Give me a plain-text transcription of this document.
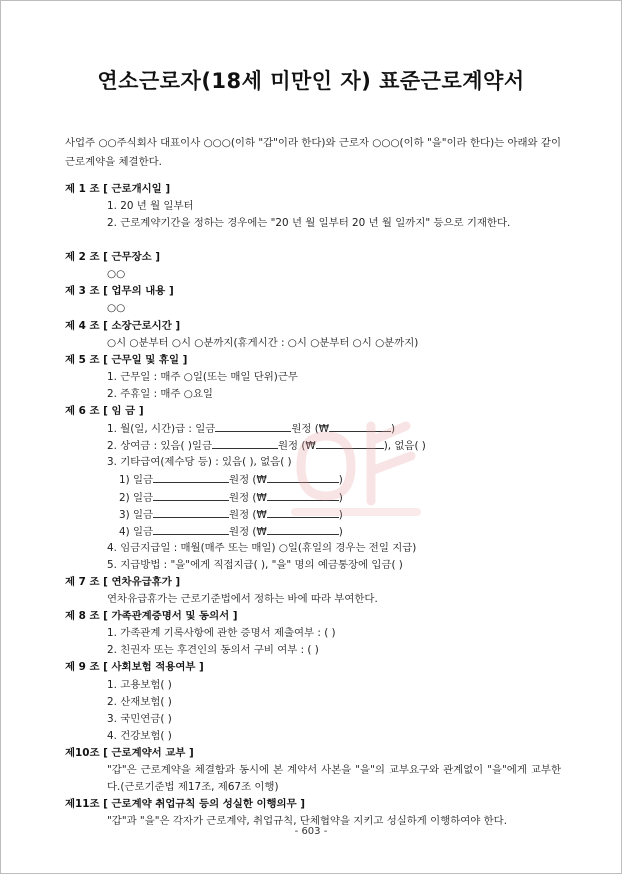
연소근로자(18세 미만인 자) 표준근로계약서
사업주 ○○주식회사 대표이사 ○○○(이하 "갑"이라 한다)와 근로자 ○○○(이하 "을"이라 한다)는 아래와 같이 근로계약을 체결한다.
제 1 조 [ 근로개시일 ]
1. 20 년 월 일부터
2. 근로계약기간을 정하는 경우에는 "20 년 월 일부터 20 년 월 일까지" 등으로 기재한다.
제 2 조 [ 근무장소 ]
○○
제 3 조 [ 업무의 내용 ]
○○
제 4 조 [ 소장근로시간 ]
○시 ○분부터 ○시 ○분까지(휴게시간 : ○시 ○분부터 ○시 ○분까지)
제 5 조 [ 근무일 및 휴일 ]
1. 근무일 : 매주 ○일(또는 매일 단위)근무
2. 주휴일 : 매주 ○요일
제 6 조 [ 임 금 ]
1. 월(일, 시간)급 : 일금	원정 (₩	)
2. 상여금 : 있음( )일금	원정 (₩	), 없음( )
3. 기타급여(제수당 등) : 있음( ), 없음( )
1) 일금	원정 (₩	)
2) 일금	원정 (₩	)
3) 일금	원정 (₩	)
4) 일금	원정 (₩	)
4. 임금지급일 : 매월(매주 또는 매일) ○일(휴일의 경우는 전일 지급)
5. 지급방법 : "을"에게 직접지급( ), "을" 명의 예금통장에 입금( )
제 7 조 [ 연차유급휴가 ]
연차유급휴가는 근로기준법에서 정하는 바에 따라 부여한다.
제 8 조 [ 가족관계증명서 및 동의서 ]
1. 가족관계 기록사항에 관한 증명서 제출여부 : ( )
2. 친권자 또는 후견인의 동의서 구비 여부 : ( )
제 9 조 [ 사회보험 적용여부 ]
1. 고용보험( )
2. 산재보험( )
3. 국민연금( )
4. 건강보험( )
제10조 [ 근로계약서 교부 ]
"갑"은 근로계약을 체결함과 동시에 본 계약서 사본을 "을"의 교부요구와 관계없이 "을"에게 교부한다.(근로기준법 제17조, 제67조 이행)
제11조 [ 근로계약 취업규칙 등의 성실한 이행의무 ]
"갑"과 "을"은 각자가 근로계약, 취업규칙, 단체협약을 지키고 성실하게 이행하여야 한다.
- 603 -
